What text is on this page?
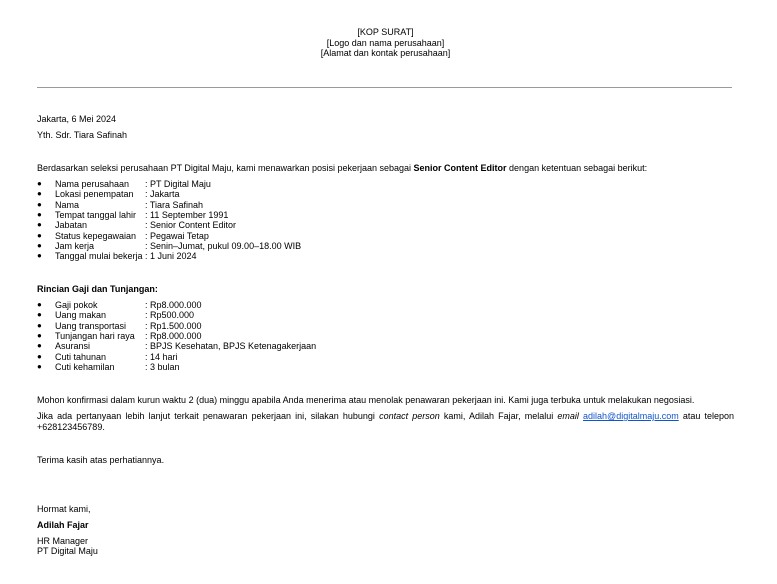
[KOP SURAT]
[Logo dan nama perusahaan]
[Alamat dan kontak perusahaan]
Jakarta, 6 Mei 2024
Yth. Sdr. Tiara Safinah
Berdasarkan seleksi perusahaan PT Digital Maju, kami menawarkan posisi pekerjaan sebagai Senior Content Editor dengan ketentuan sebagai berikut:
●	Nama perusahaan : PT Digital Maju
●	Lokasi penempatan : Jakarta
●	Nama	: Tiara Safinah
●	Tempat tanggal lahir : 11 September 1991
●	Jabatan	: Senior Content Editor
●	Status kepegawaian : Pegawai Tetap
●	Jam kerja	: Senin–Jumat, pukul 09.00–18.00 WIB
●	Tanggal mulai bekerja : 1 Juni 2024
Rincian Gaji dan Tunjangan:
●	Gaji pokok	: Rp8.000.000
●	Uang makan	: Rp500.000
●	Uang transportasi : Rp1.500.000
●	Tunjangan hari raya : Rp8.000.000
●	Asuransi	: BPJS Kesehatan, BPJS Ketenagakerjaan
●	Cuti tahunan	: 14 hari
●	Cuti kehamilan	: 3 bulan
Mohon konfirmasi dalam kurun waktu 2 (dua) minggu apabila Anda menerima atau menolak penawaran pekerjaan ini. Kami juga terbuka untuk melakukan negosiasi.
Jika ada pertanyaan lebih lanjut terkait penawaran pekerjaan ini, silakan hubungi contact person kami, Adilah Fajar, melalui email adilah@digitalmaju.com atau telepon +628123456789.
Terima kasih atas perhatiannya.
Hormat kami,
Adilah Fajar
HR Manager
PT Digital Maju
